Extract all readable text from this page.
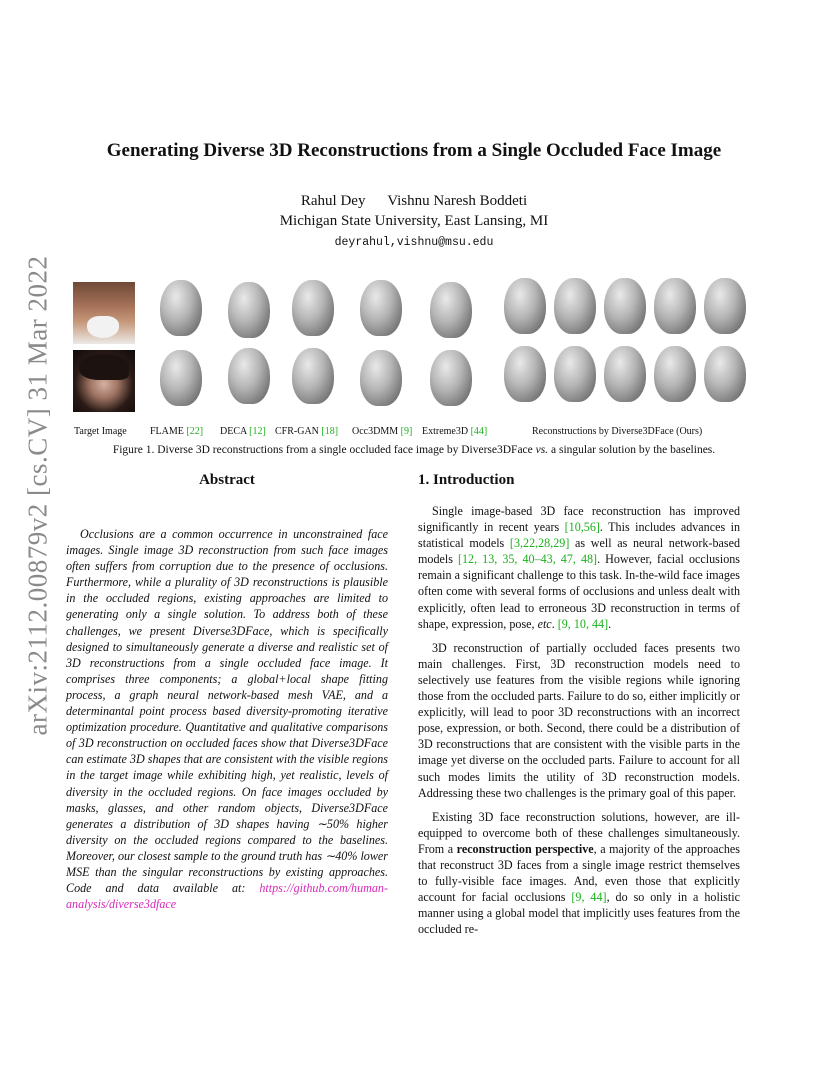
arXiv:2112.00879v2 [cs.CV] 31 Mar 2022
Generating Diverse 3D Reconstructions from a Single Occluded Face Image
Rahul Dey Vishnu Naresh Boddeti
Michigan State University, East Lansing, MI
deyrahul,vishnu@msu.edu
Target Image FLAME [22] DECA [12] CFR-GAN [18] Occ3DMM [9] Extreme3D [44]	Reconstructions by Diverse3DFace (Ours)
Figure 1. Diverse 3D reconstructions from a single occluded face image by Diverse3DFace vs. a singular solution by the baselines.
Abstract

Occlusions are a common occurrence in unconstrained face images. Single image 3D reconstruction from such face images often suffers from corruption due to the presence of occlusions. Furthermore, while a plurality of 3D reconstructions is plausible in the occluded regions, existing approaches are limited to generating only a single solution. To address both of these challenges, we present Diverse3DFace, which is specifically designed to simultaneously generate a diverse and realistic set of 3D reconstructions from a single occluded face image. It comprises three components; a global+local shape fitting process, a graph neural network-based mesh VAE, and a determinantal point process based diversity-promoting iterative optimization procedure. Quantitative and qualitative comparisons of 3D reconstruction on occluded faces show that Diverse3DFace can estimate 3D shapes that are consistent with the visible regions in the target image while exhibiting high, yet realistic, levels of diversity in the occluded regions. On face images occluded by masks, glasses, and other random objects, Diverse3DFace generates a distribution of 3D shapes having ∼50% higher diversity on the occluded regions compared to the baselines. Moreover, our closest sample to the ground truth has ∼40% lower MSE than the singular reconstructions by existing approaches. Code and data available at: https://github.com/human-analysis/diverse3dface

1. Introduction

Single image-based 3D face reconstruction has improved significantly in recent years [10,56]. This includes advances in statistical models [3,22,28,29] as well as neural network-based models [12, 13, 35, 40–43, 47, 48]. However, facial occlusions remain a significant challenge to this task. In-the-wild face images often come with several forms of occlusions and unless dealt with explicitly, often lead to erroneous 3D reconstruction in terms of shape, expression, pose, etc. [9, 10, 44].

3D reconstruction of partially occluded faces presents two main challenges. First, 3D reconstruction models need to selectively use features from the visible regions while ignoring those from the occluded parts. Failure to do so, either implicitly or explicitly, will lead to poor 3D reconstructions with an incorrect pose, expression, or both. Second, there could be a distribution of 3D reconstructions that are consistent with the visible parts in the image yet diverse on the occluded parts. Failure to account for all such modes limits the utility of 3D reconstruction models. Addressing these two challenges is the primary goal of this paper.

Existing 3D face reconstruction solutions, however, are ill-equipped to overcome both of these challenges simultaneously. From a reconstruction perspective, a majority of the approaches that reconstruct 3D faces from a single image restrict themselves to fully-visible face images. And, even those that explicitly account for facial occlusions [9, 44], do so only in a holistic manner using a global model that implicitly uses features from the occluded re-
